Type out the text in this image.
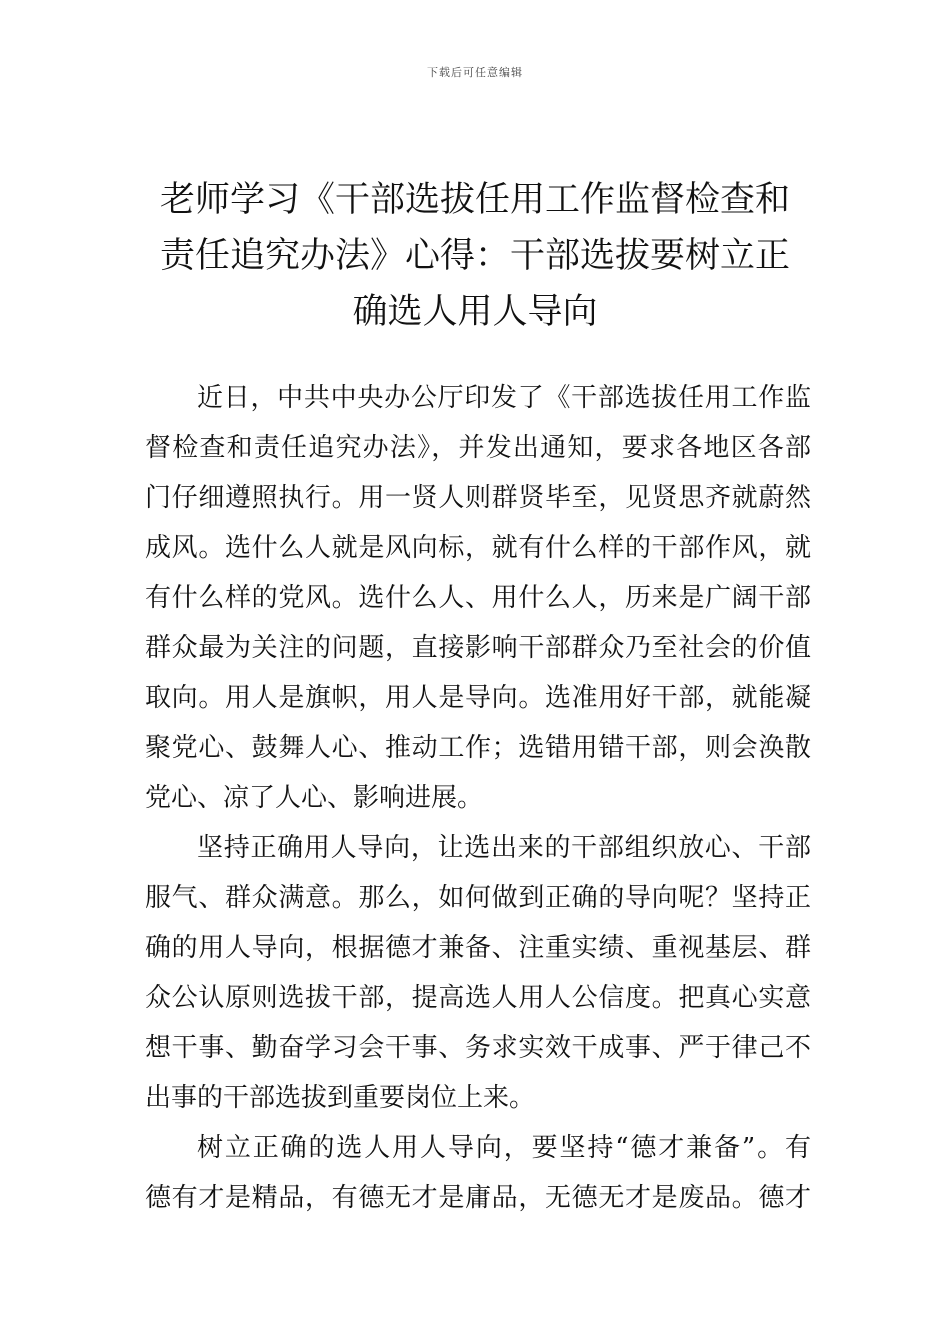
下载后可任意编辑
老师学习《干部选拔任用工作监督检查和
责任追究办法》心得：干部选拔要树立正
确选人用人导向

近日，中共中央办公厅印发了《干部选拔任用工作监
督检查和责任追究办法》，并发出通知，要求各地区各部
门仔细遵照执行。用一贤人则群贤毕至，见贤思齐就蔚然
成风。选什么人就是风向标，就有什么样的干部作风，就
有什么样的党风。选什么人、用什么人，历来是广阔干部
群众最为关注的问题，直接影响干部群众乃至社会的价值
取向。用人是旗帜，用人是导向。选准用好干部，就能凝
聚党心、鼓舞人心、推动工作；选错用错干部，则会涣散
党心、凉了人心、影响进展。

坚持正确用人导向，让选出来的干部组织放心、干部
服气、群众满意。那么，如何做到正确的导向呢？坚持正
确的用人导向，根据德才兼备、注重实绩、重视基层、群
众公认原则选拔干部，提高选人用人公信度。把真心实意
想干事、勤奋学习会干事、务求实效干成事、严于律己不
出事的干部选拔到重要岗位上来。

树立正确的选人用人导向，要坚持“德才兼备”。有
德有才是精品，有德无才是庸品，无德无才是废品。德才
